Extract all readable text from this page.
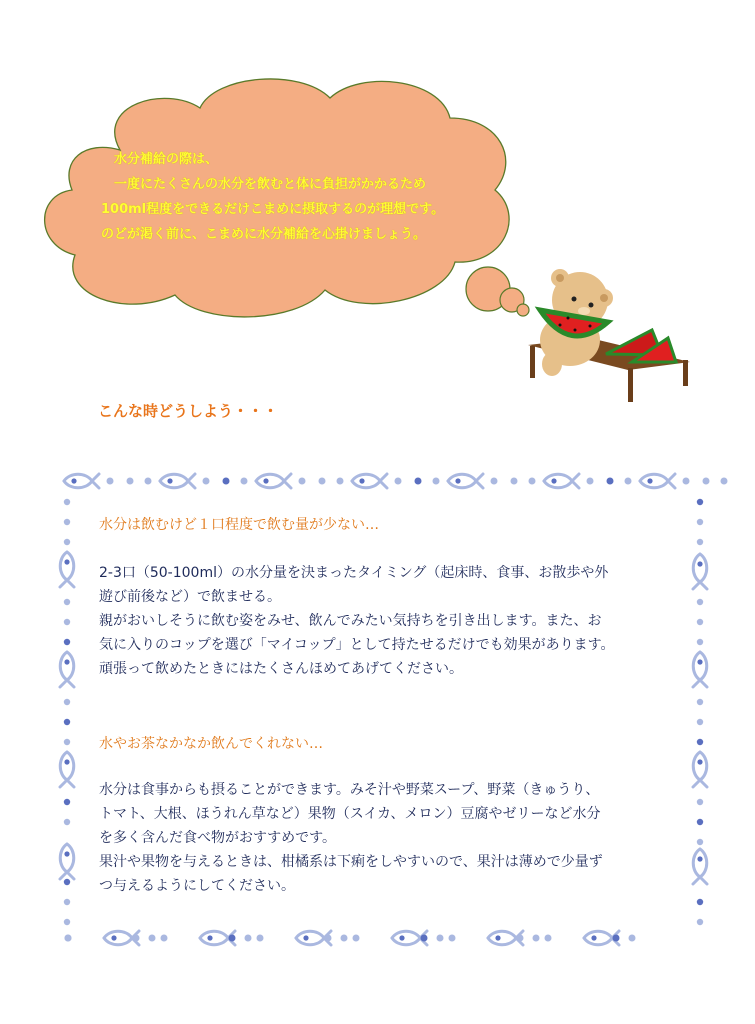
水分補給の際は、
一度にたくさんの水分を飲むと体に負担がかかるため
100ml程度をできるだけこまめに摂取するのが理想です。
のどが渇く前に、こまめに水分補給を心掛けましょう。
こんな時どうしよう・・・
水分は飲むけど１口程度で飲む量が少ない…
2-3口（50-100ml）の水分量を決まったタイミング（起床時、食事、お散歩や外
遊び前後など）で飲ませる。
親がおいしそうに飲む姿をみせ、飲んでみたい気持ちを引き出します。また、お
気に入りのコップを選び「マイコップ」として持たせるだけでも効果があります。
頑張って飲めたときにはたくさんほめてあげてください。
水やお茶なかなか飲んでくれない…
水分は食事からも摂ることができます。みそ汁や野菜スープ、野菜（きゅうり、
トマト、大根、ほうれん草など）果物（スイカ、メロン）豆腐やゼリーなど水分
を多く含んだ食べ物がおすすめです。
果汁や果物を与えるときは、柑橘系は下痢をしやすいので、果汁は薄めで少量ず
つ与えるようにしてください。
